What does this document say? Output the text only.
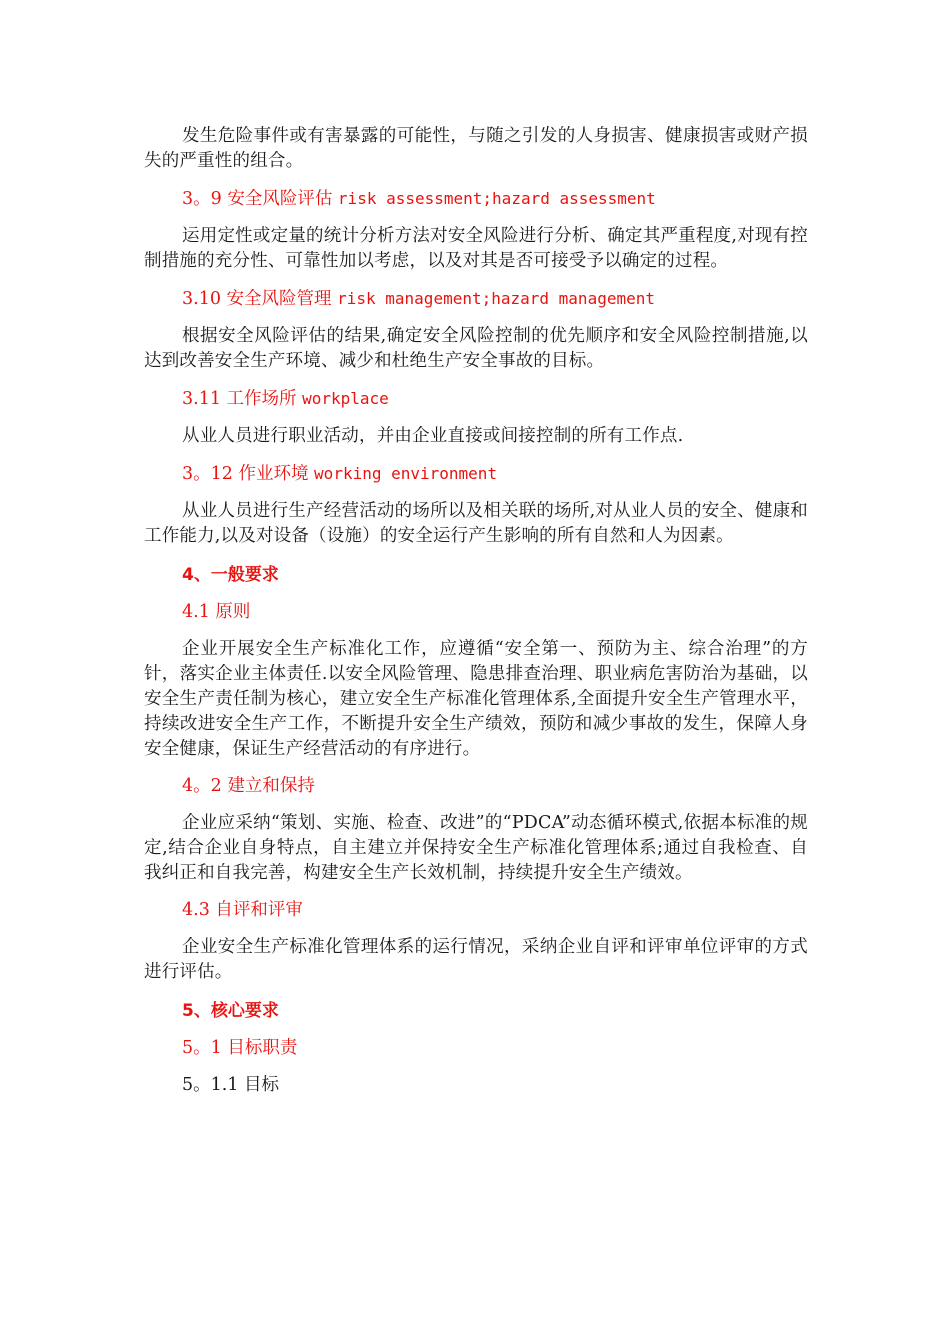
发生危险事件或有害暴露的可能性，与随之引发的人身损害、健康损害或财产损失的严重性的组合。

3。9 安全风险评估 risk assessment;hazard assessment

运用定性或定量的统计分析方法对安全风险进行分析、确定其严重程度,对现有控制措施的充分性、可靠性加以考虑，以及对其是否可接受予以确定的过程。

3.10 安全风险管理 risk management;hazard management

根据安全风险评估的结果,确定安全风险控制的优先顺序和安全风险控制措施,以达到改善安全生产环境、减少和杜绝生产安全事故的目标。

3.11 工作场所 workplace

从业人员进行职业活动，并由企业直接或间接控制的所有工作点.

3。12 作业环境 working environment

从业人员进行生产经营活动的场所以及相关联的场所,对从业人员的安全、健康和工作能力,以及对设备（设施）的安全运行产生影响的所有自然和人为因素。

4、一般要求

4.1 原则

企业开展安全生产标准化工作，应遵循“安全第一、预防为主、综合治理”的方针，落实企业主体责任.以安全风险管理、隐患排查治理、职业病危害防治为基础，以安全生产责任制为核心，建立安全生产标准化管理体系,全面提升安全生产管理水平，持续改进安全生产工作，不断提升安全生产绩效，预防和减少事故的发生，保障人身安全健康，保证生产经营活动的有序进行。

4。2 建立和保持

企业应采纳“策划、实施、检查、改进”的“PDCA”动态循环模式,依据本标准的规定,结合企业自身特点，自主建立并保持安全生产标准化管理体系;通过自我检查、自我纠正和自我完善，构建安全生产长效机制，持续提升安全生产绩效。

4.3 自评和评审

企业安全生产标准化管理体系的运行情况，采纳企业自评和评审单位评审的方式进行评估。

5、核心要求

5。1 目标职责

5。1.1 目标
